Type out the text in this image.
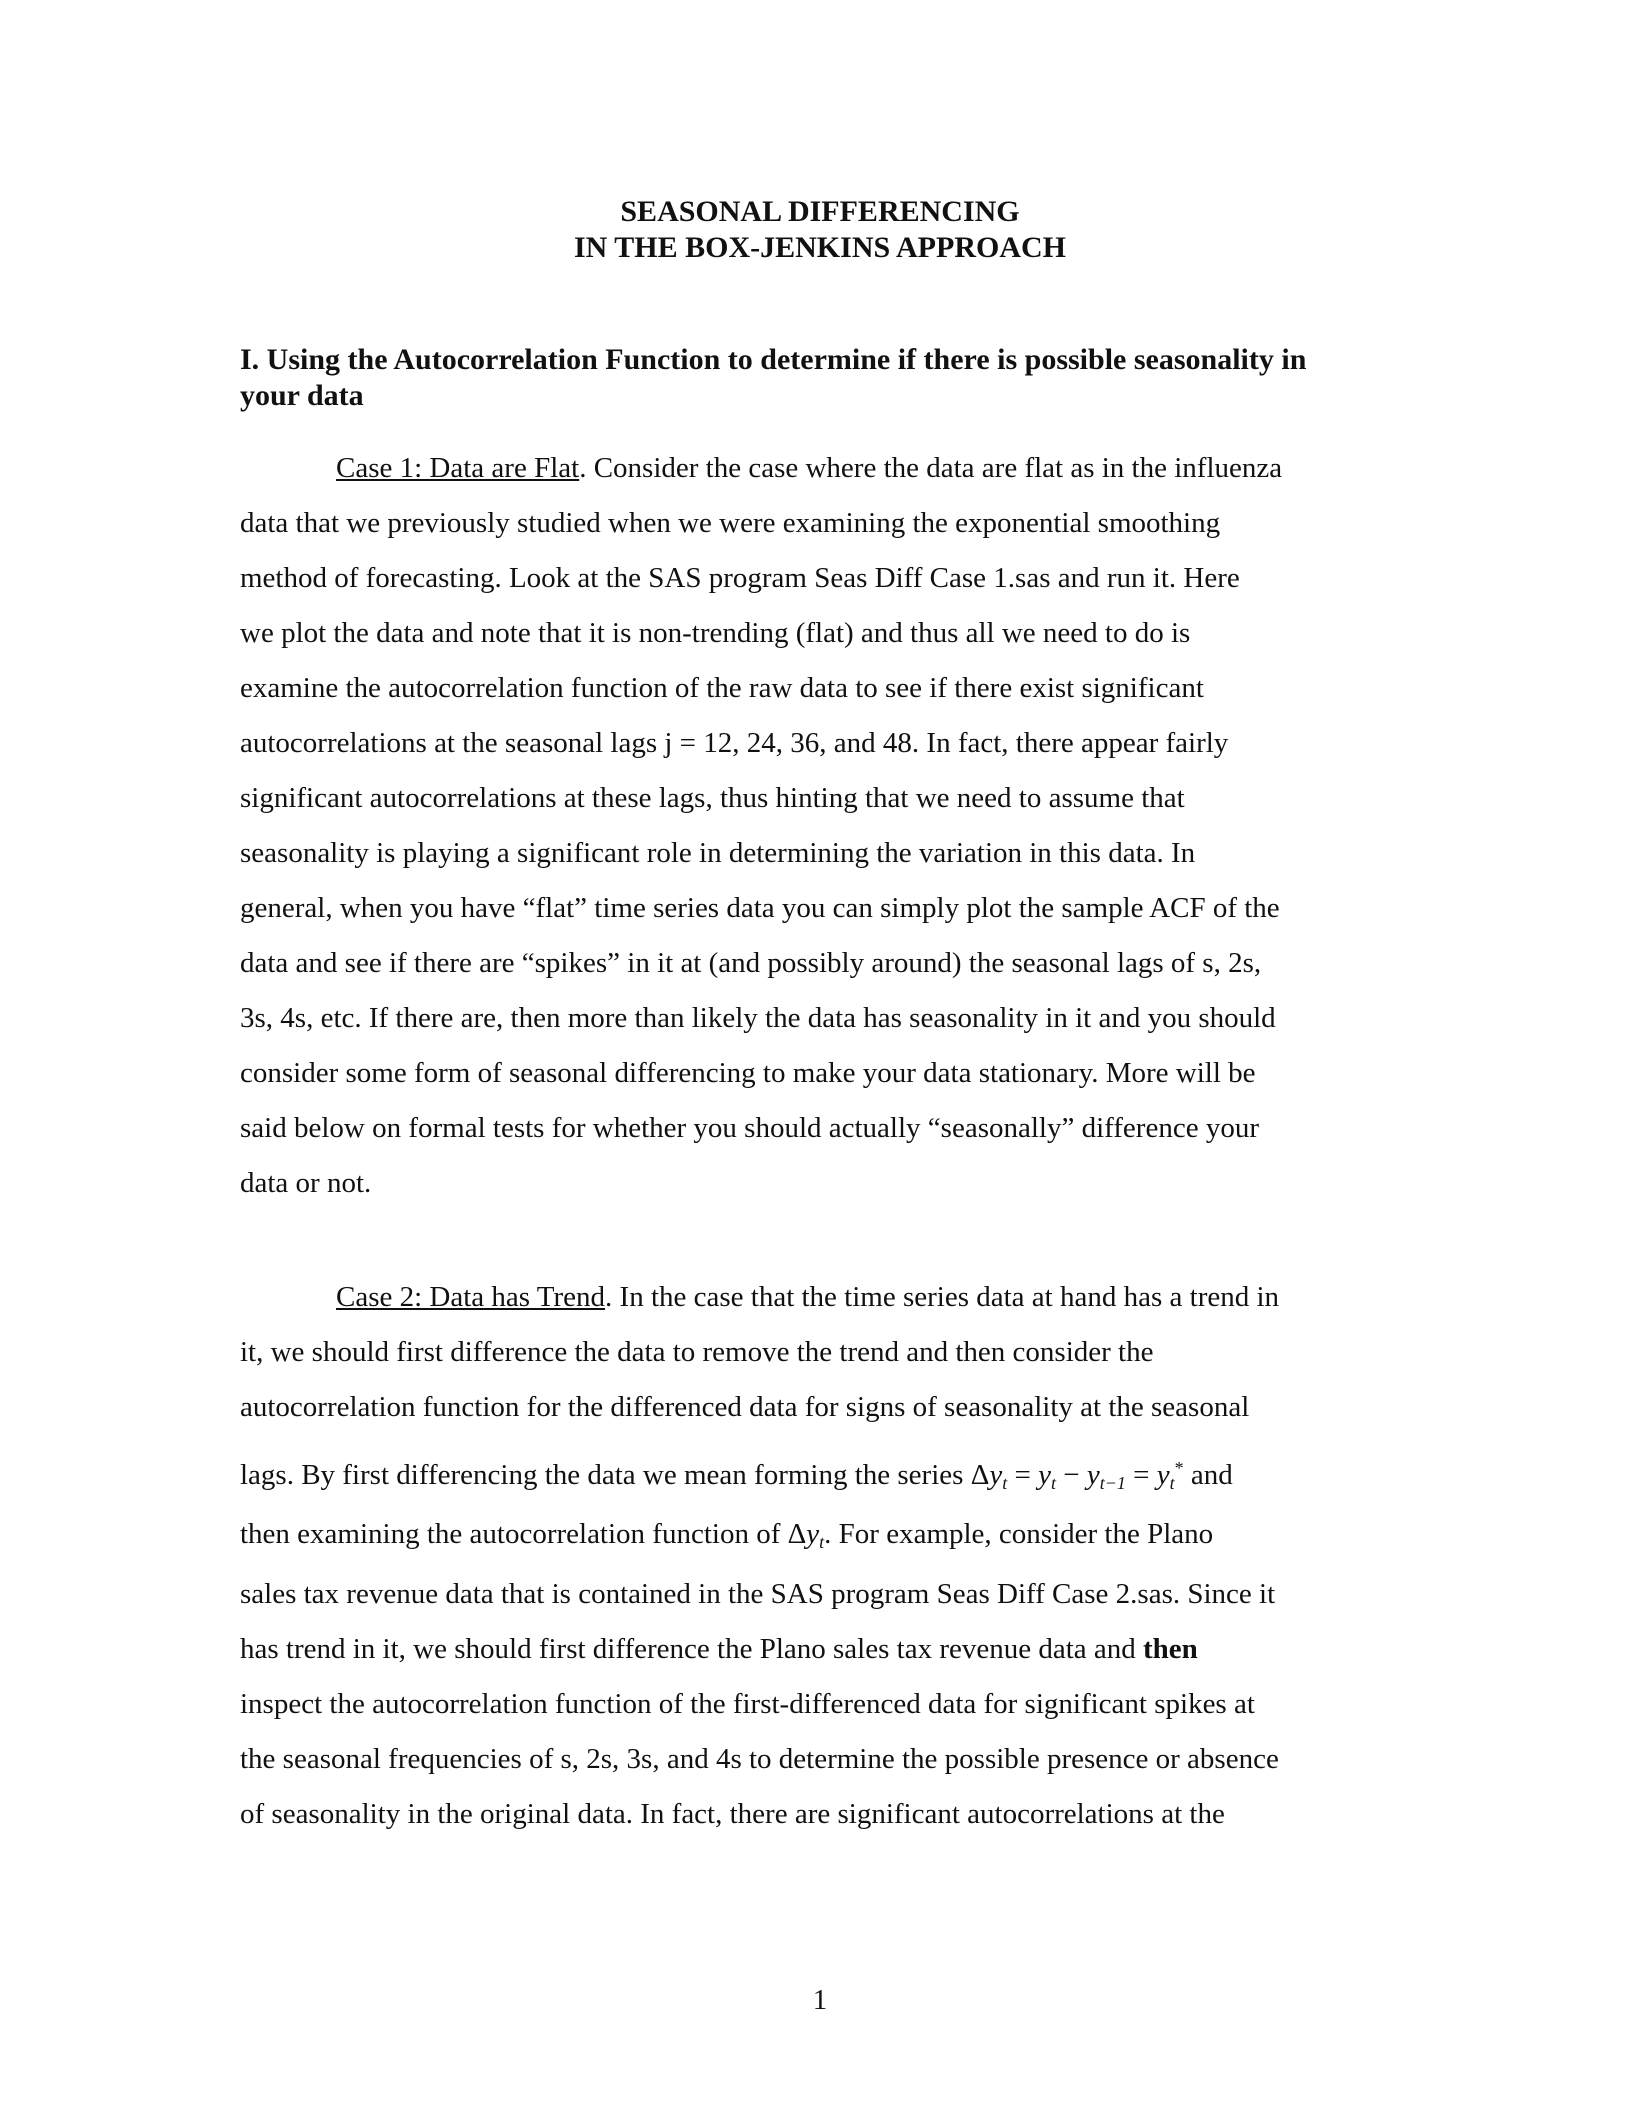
SEASONAL DIFFERENCING
IN THE BOX-JENKINS APPROACH
I. Using the Autocorrelation Function to determine if there is possible seasonality in
your data
Case 1: Data are Flat. Consider the case where the data are flat as in the influenza
data that we previously studied when we were examining the exponential smoothing
method of forecasting. Look at the SAS program Seas Diff Case 1.sas and run it. Here
we plot the data and note that it is non-trending (flat) and thus all we need to do is
examine the autocorrelation function of the raw data to see if there exist significant
autocorrelations at the seasonal lags j = 12, 24, 36, and 48. In fact, there appear fairly
significant autocorrelations at these lags, thus hinting that we need to assume that
seasonality is playing a significant role in determining the variation in this data. In
general, when you have “flat” time series data you can simply plot the sample ACF of the
data and see if there are “spikes” in it at (and possibly around) the seasonal lags of s, 2s,
3s, 4s, etc. If there are, then more than likely the data has seasonality in it and you should
consider some form of seasonal differencing to make your data stationary. More will be
said below on formal tests for whether you should actually “seasonally” difference your
data or not.
Case 2: Data has Trend. In the case that the time series data at hand has a trend in
it, we should first difference the data to remove the trend and then consider the
autocorrelation function for the differenced data for signs of seasonality at the seasonal
lags. By first differencing the data we mean forming the series $\Delta y_t = y_t - y_{t-1} = y_t^*$ and
then examining the autocorrelation function of $\Delta y_t$. For example, consider the Plano
sales tax revenue data that is contained in the SAS program Seas Diff Case 2.sas. Since it
has trend in it, we should first difference the Plano sales tax revenue data and then
inspect the autocorrelation function of the first-differenced data for significant spikes at
the seasonal frequencies of s, 2s, 3s, and 4s to determine the possible presence or absence
of seasonality in the original data. In fact, there are significant autocorrelations at the
1
